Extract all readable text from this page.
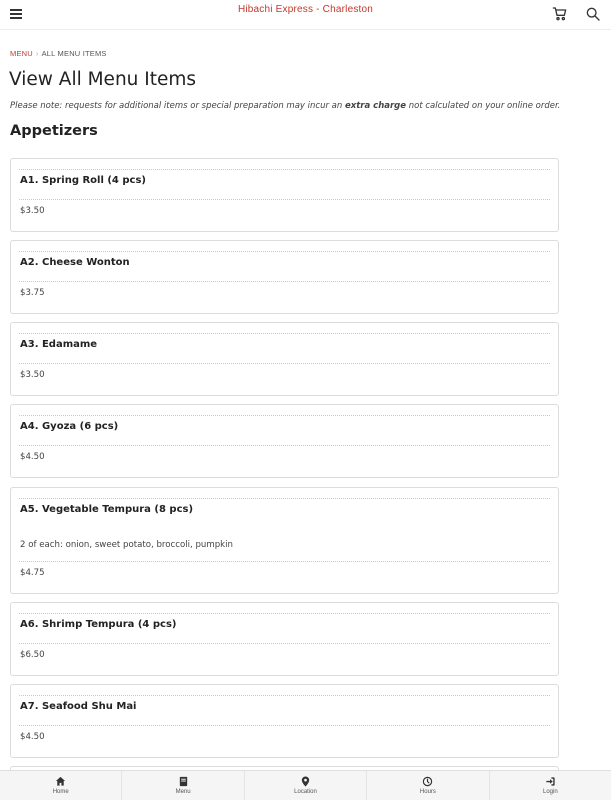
Hibachi Express - Charleston
MENU › ALL MENU ITEMS
View All Menu Items

Please note: requests for additional items or special preparation may incur an extra charge not calculated on your online order.

Appetizers
A1. Spring Roll (4 pcs)
$3.50
A2. Cheese Wonton
$3.75
A3. Edamame
$3.50
A4. Gyoza (6 pcs)
$4.50
A5. Vegetable Tempura (8 pcs)
2 of each: onion, sweet potato, broccoli, pumpkin
$4.75
A6. Shrimp Tempura (4 pcs)
$6.50
A7. Seafood Shu Mai
$4.50
Home	Menu	Location	Hours	Login
